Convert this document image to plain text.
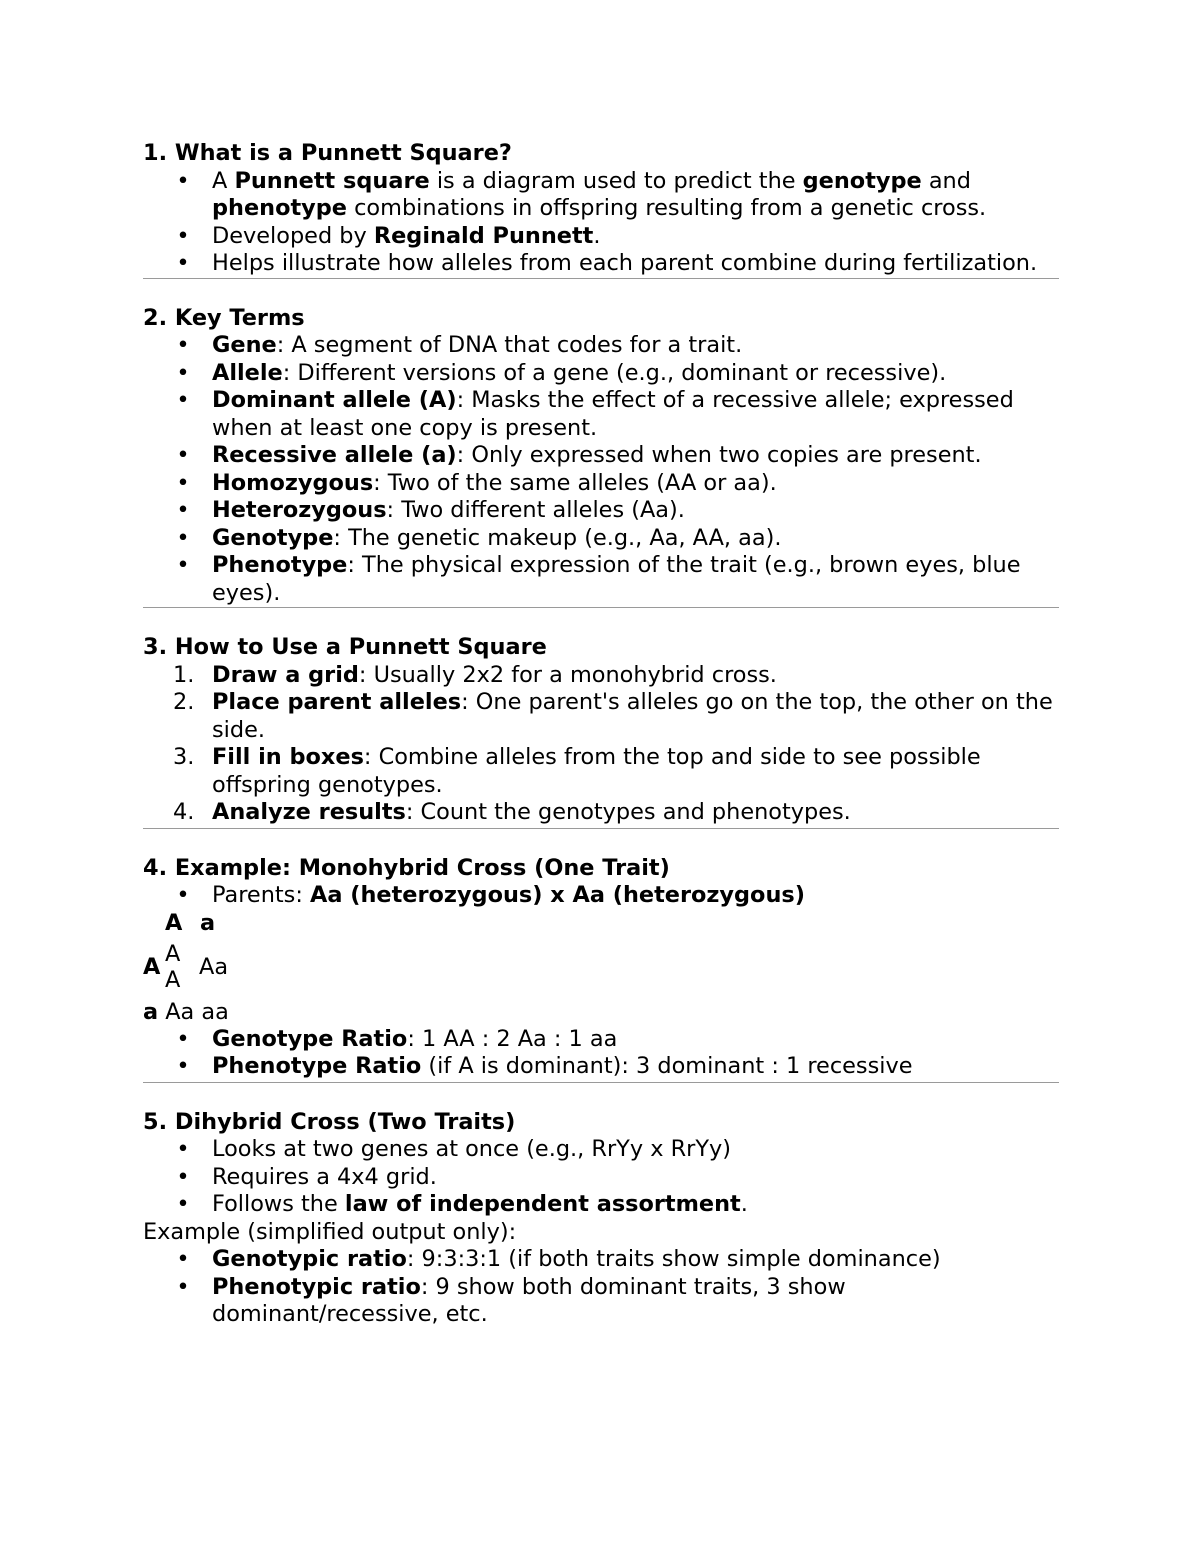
1. What is a Punnett Square?

• A Punnett square is a diagram used to predict the genotype and phenotype combinations in offspring resulting from a genetic cross.
• Developed by Reginald Punnett.
• Helps illustrate how alleles from each parent combine during fertilization.

2. Key Terms

• Gene: A segment of DNA that codes for a trait.
• Allele: Different versions of a gene (e.g., dominant or recessive).
• Dominant allele (A): Masks the effect of a recessive allele; expressed when at least one copy is present.
• Recessive allele (a): Only expressed when two copies are present.
• Homozygous: Two of the same alleles (AA or aa).
• Heterozygous: Two different alleles (Aa).
• Genotype: The genetic makeup (e.g., Aa, AA, aa).
• Phenotype: The physical expression of the trait (e.g., brown eyes, blue eyes).

3. How to Use a Punnett Square

1. Draw a grid: Usually 2x2 for a monohybrid cross.
2. Place parent alleles: One parent's alleles go on the top, the other on the side.
3. Fill in boxes: Combine alleles from the top and side to see possible offspring genotypes.
4. Analyze results: Count the genotypes and phenotypes.

4. Example: Monohybrid Cross (One Trait)

• Parents: Aa (heterozygous) x Aa (heterozygous)
A a
A A
A Aa
a Aa aa
• Genotype Ratio: 1 AA : 2 Aa : 1 aa
• Phenotype Ratio (if A is dominant): 3 dominant : 1 recessive

5. Dihybrid Cross (Two Traits)

• Looks at two genes at once (e.g., RrYy x RrYy)
• Requires a 4x4 grid.
• Follows the law of independent assortment.

Example (simplified output only):

• Genotypic ratio: 9:3:3:1 (if both traits show simple dominance)
• Phenotypic ratio: 9 show both dominant traits, 3 show dominant/recessive, etc.
